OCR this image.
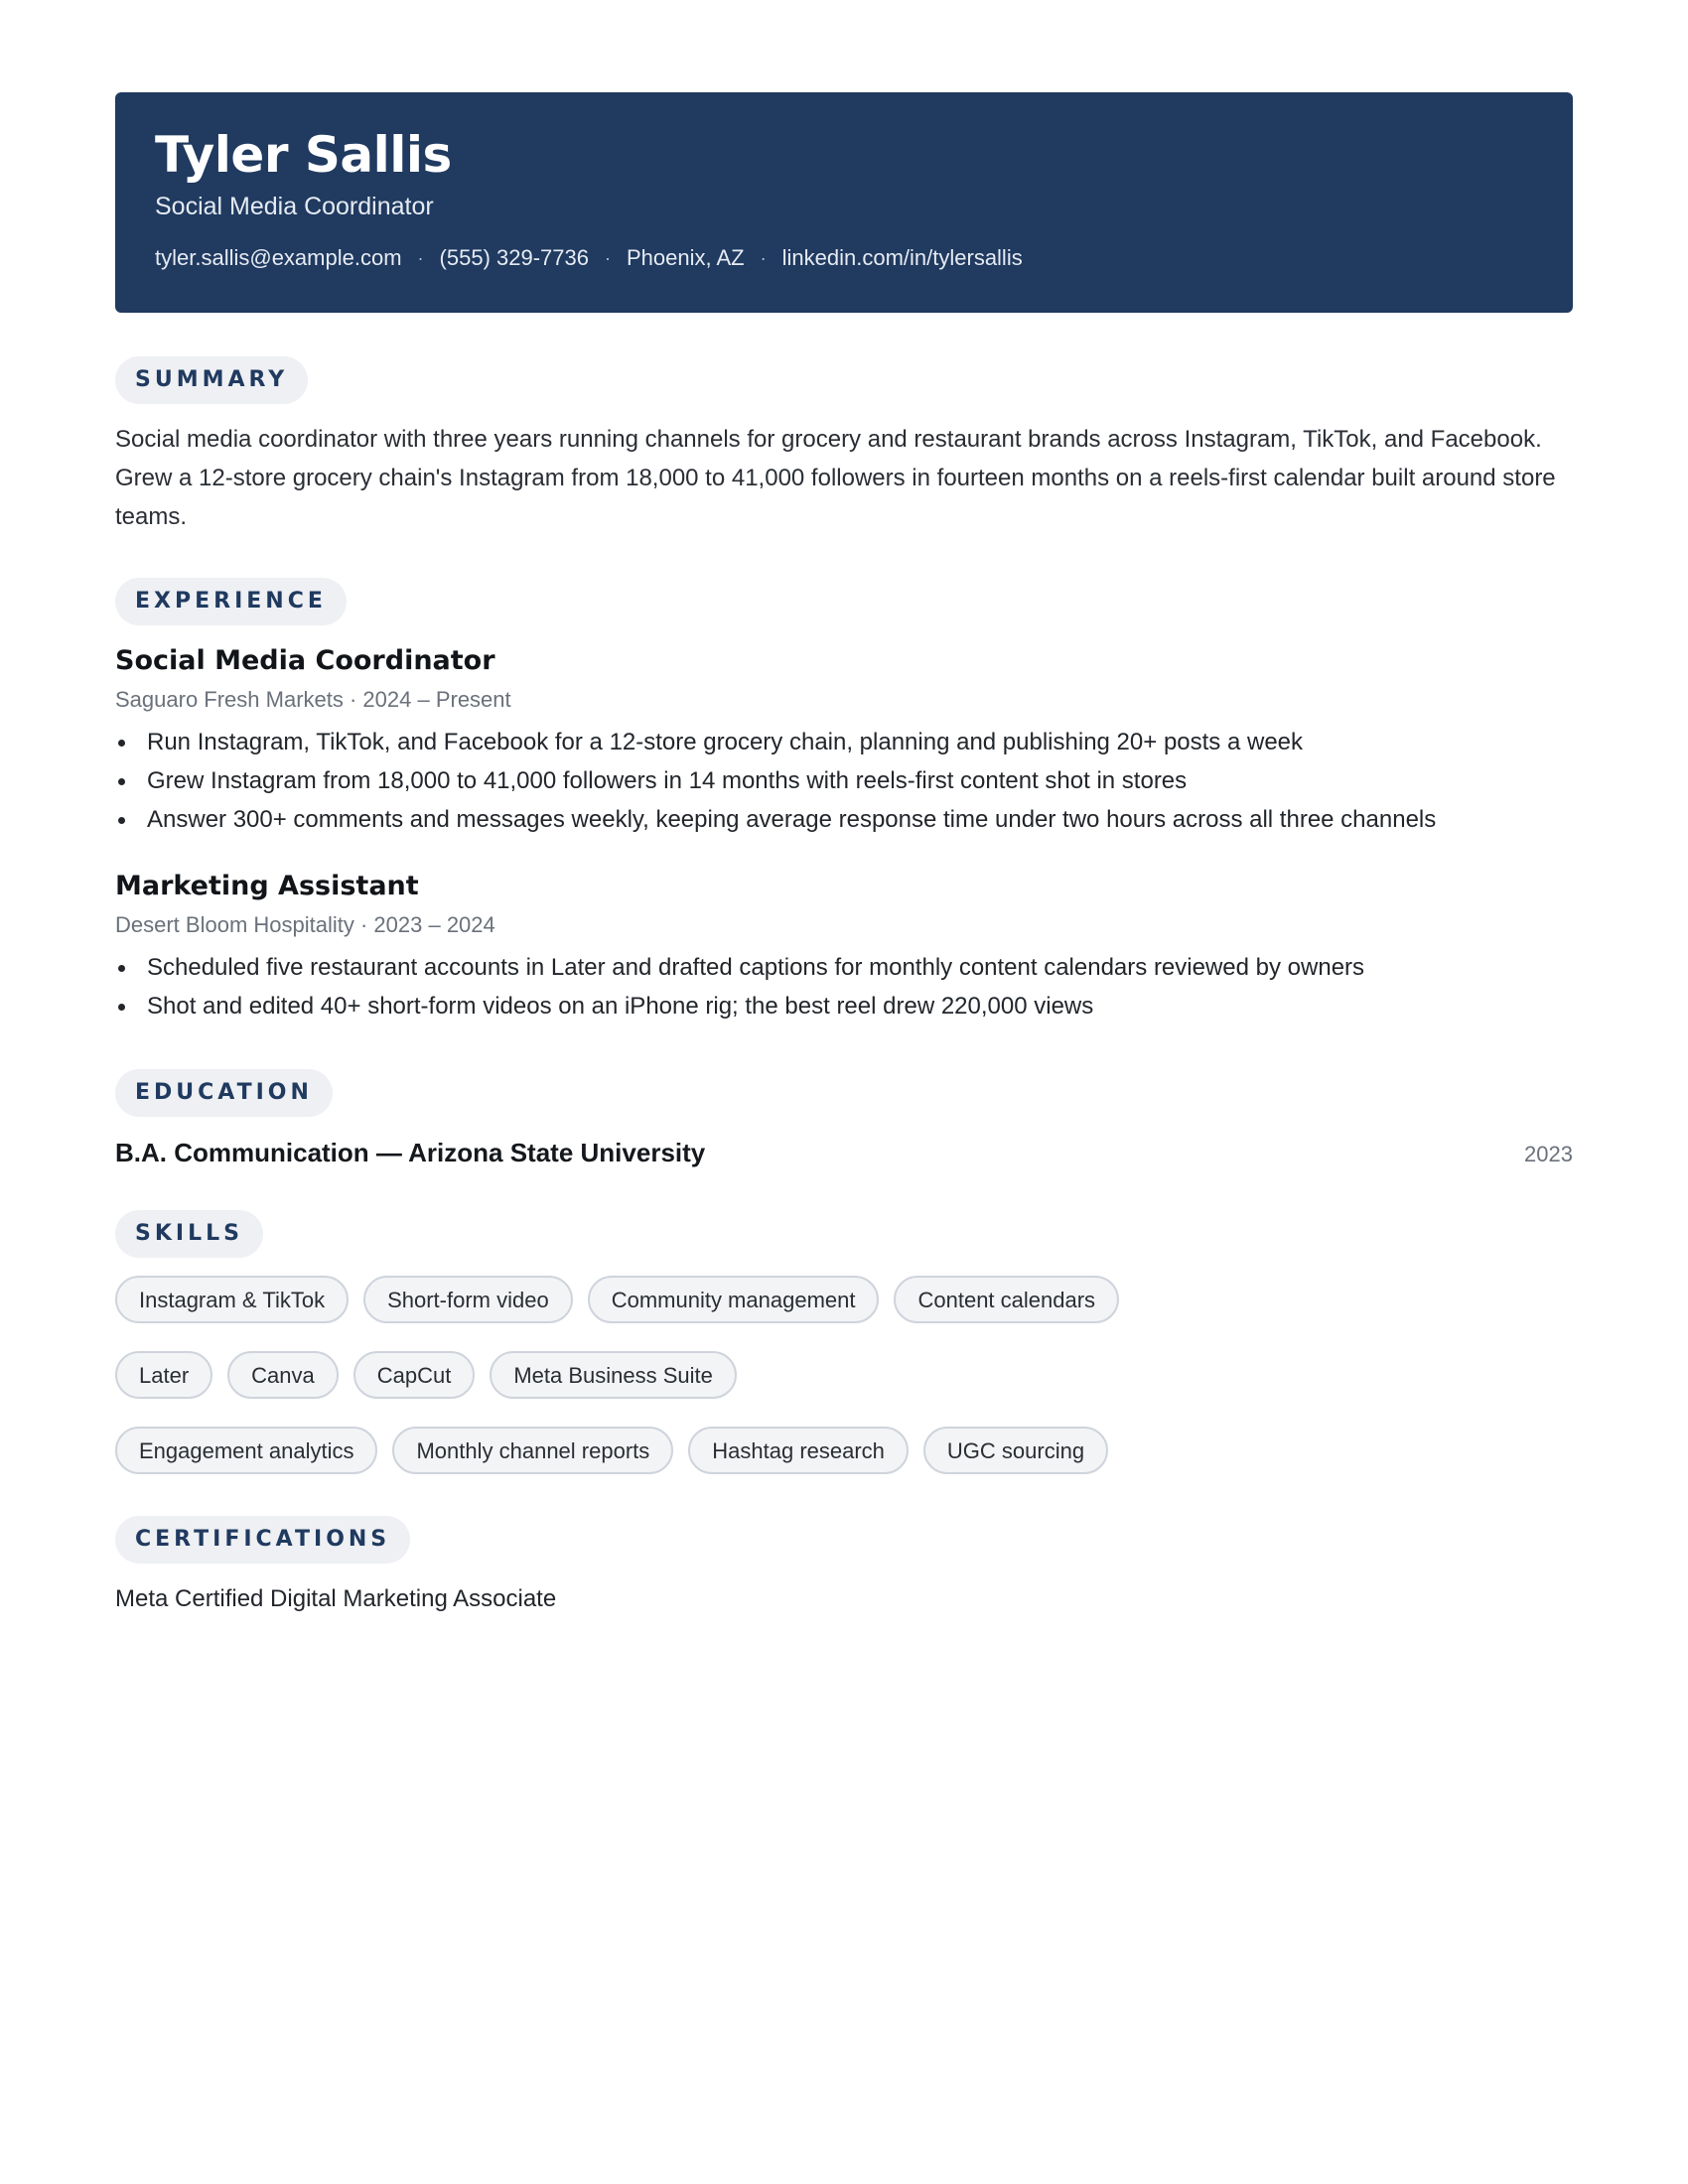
Tyler Sallis
Social Media Coordinator
tyler.sallis@example.com · (555) 329-7736 · Phoenix, AZ · linkedin.com/in/tylersallis
SUMMARY
Social media coordinator with three years running channels for grocery and restaurant brands across Instagram, TikTok, and Facebook. Grew a 12-store grocery chain's Instagram from 18,000 to 41,000 followers in fourteen months on a reels-first calendar built around store teams.
EXPERIENCE
Social Media Coordinator
Saguaro Fresh Markets · 2024 – Present
Run Instagram, TikTok, and Facebook for a 12-store grocery chain, planning and publishing 20+ posts a week
Grew Instagram from 18,000 to 41,000 followers in 14 months with reels-first content shot in stores
Answer 300+ comments and messages weekly, keeping average response time under two hours across all three channels
Marketing Assistant
Desert Bloom Hospitality · 2023 – 2024
Scheduled five restaurant accounts in Later and drafted captions for monthly content calendars reviewed by owners
Shot and edited 40+ short-form videos on an iPhone rig; the best reel drew 220,000 views
EDUCATION
B.A. Communication — Arizona State University	2023
SKILLS
Instagram & TikTok	Short-form video	Community management	Content calendars
Later	Canva	CapCut	Meta Business Suite
Engagement analytics	Monthly channel reports	Hashtag research	UGC sourcing
CERTIFICATIONS
Meta Certified Digital Marketing Associate
